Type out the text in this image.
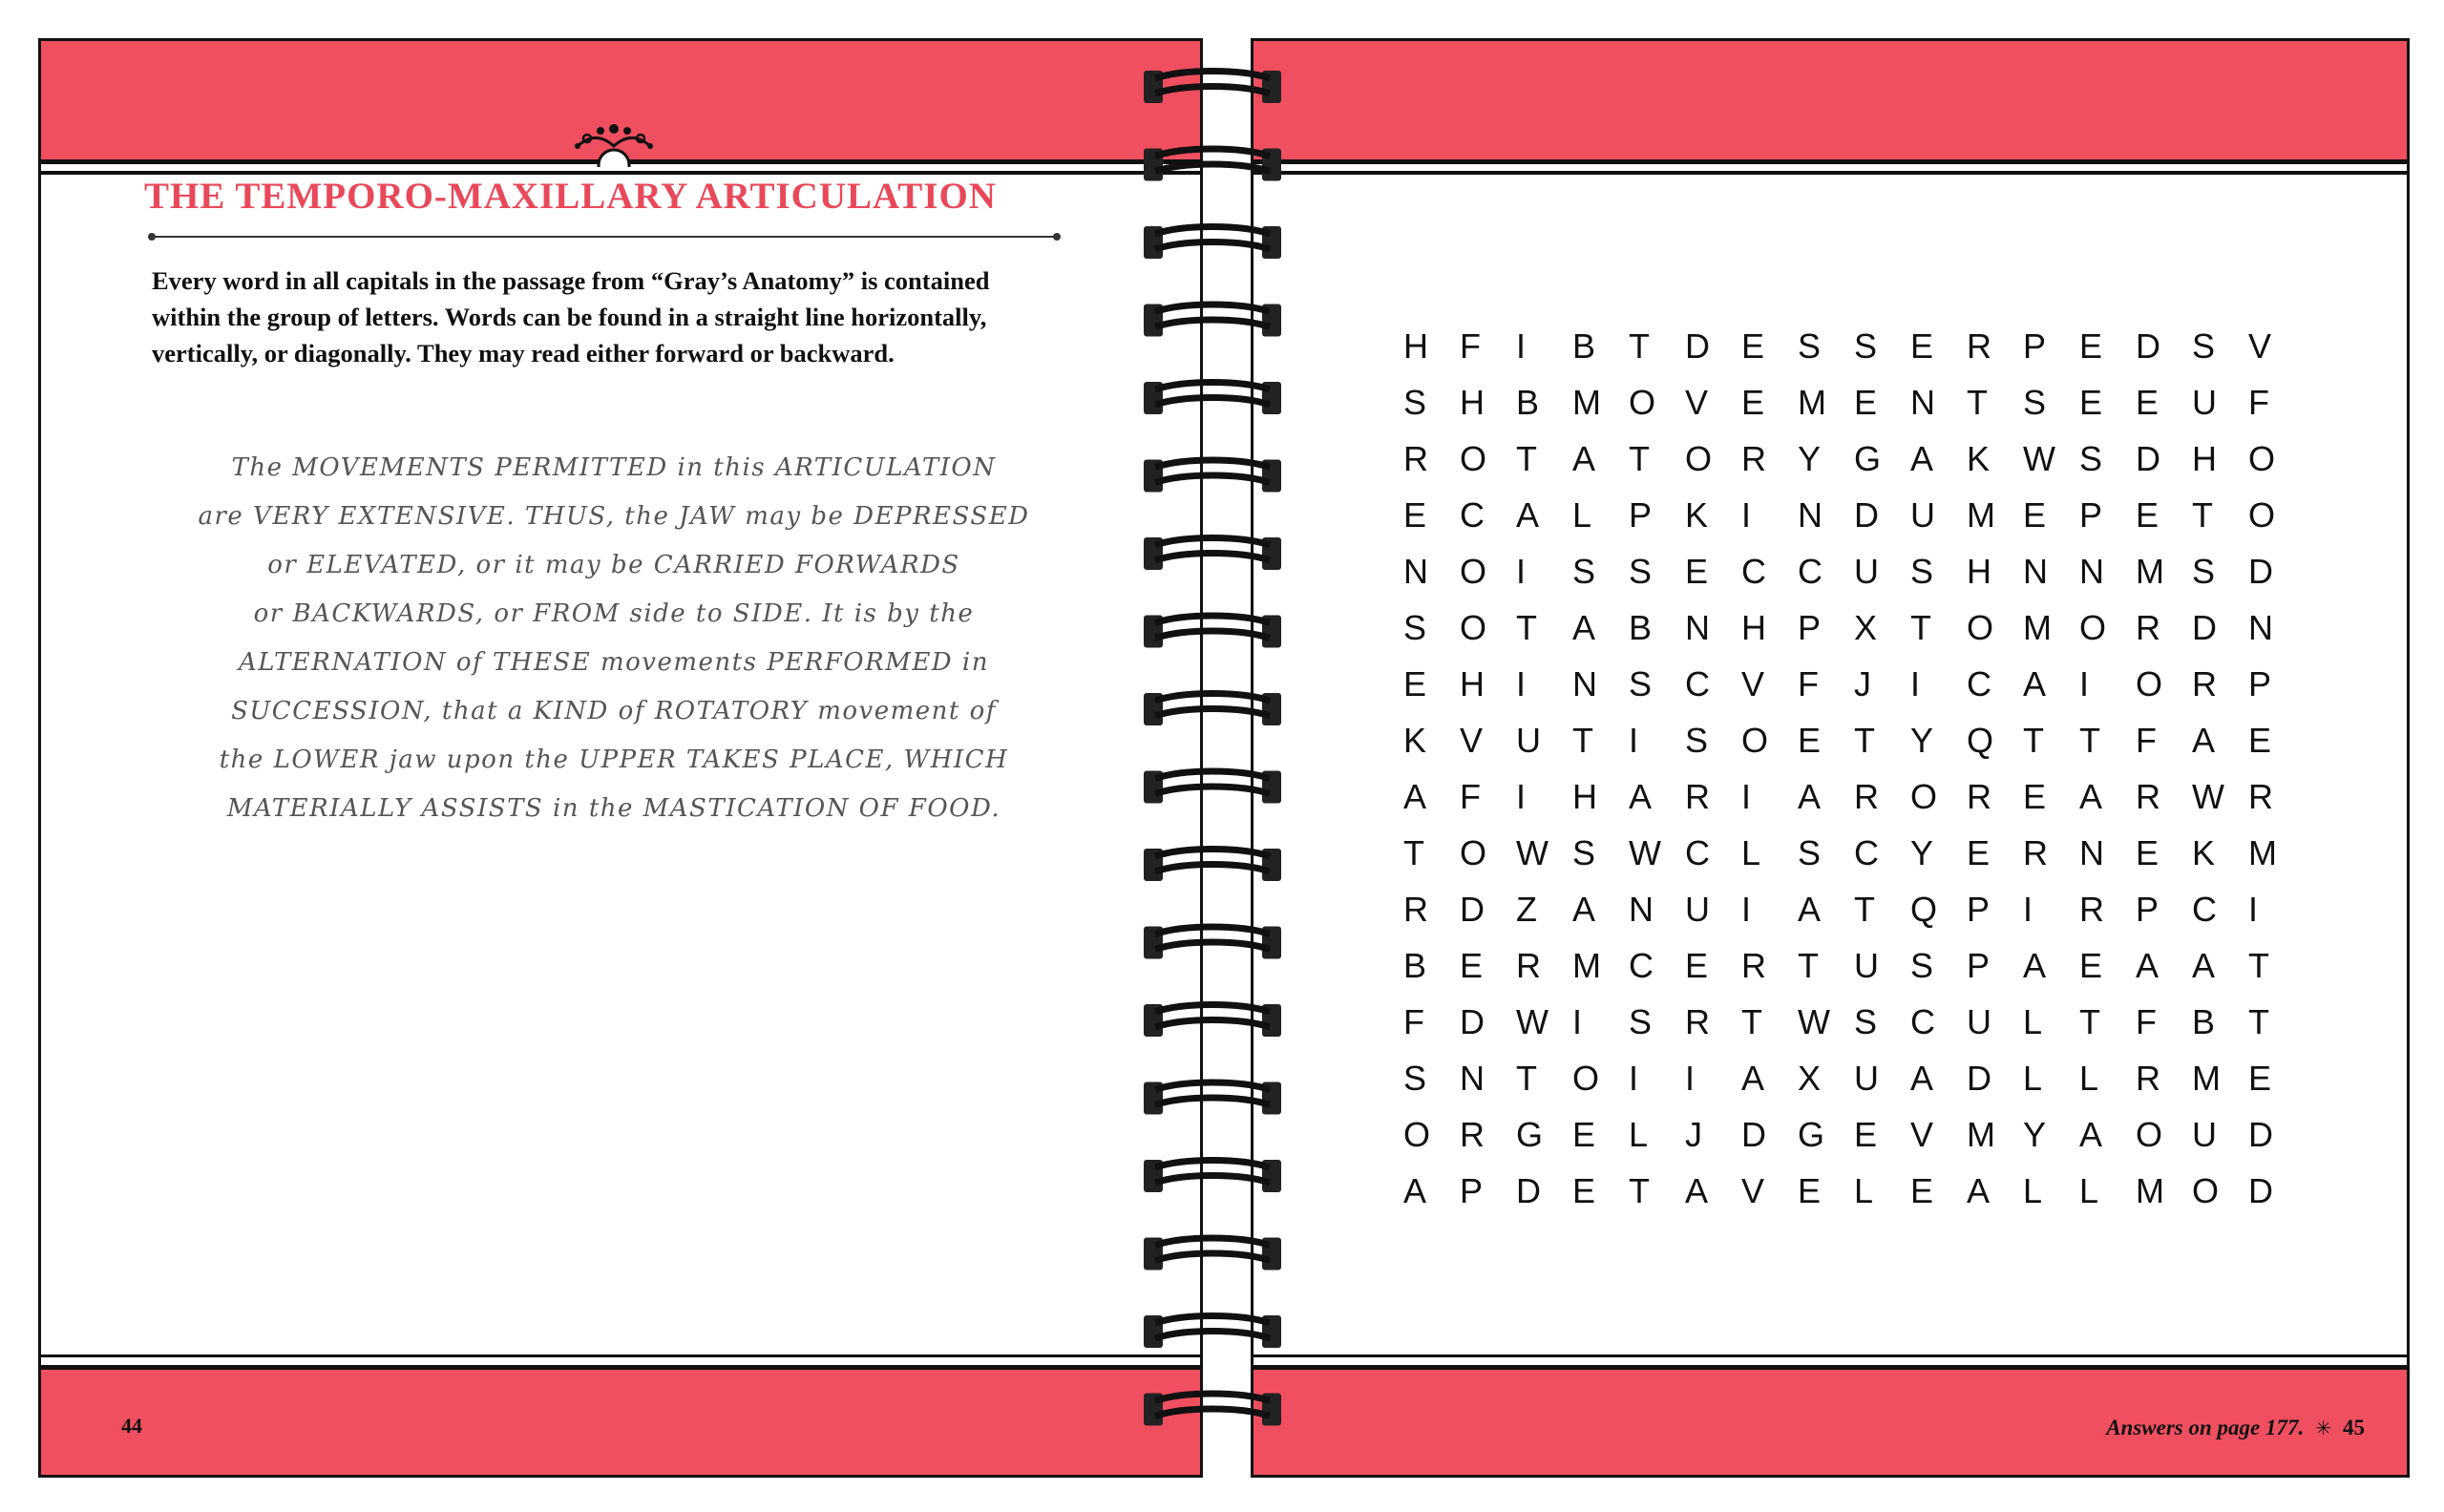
THE TEMPORO-MAXILLARY ARTICULATION
Every word in all capitals in the passage from “Gray’s Anatomy” is contained within the group of letters. Words can be found in a straight line horizontally, vertically, or diagonally. They may read either forward or backward.
The MOVEMENTS PERMITTED in this ARTICULATION
are VERY EXTENSIVE. THUS, the JAW may be DEPRESSED
or ELEVATED, or it may be CARRIED FORWARDS
or BACKWARDS, or FROM side to SIDE. It is by the
ALTERNATION of THESE movements PERFORMED in
SUCCESSION, that a KIND of ROTATORY movement of
the LOWER jaw upon the UPPER TAKES PLACE, WHICH
MATERIALLY ASSISTS in the MASTICATION OF FOOD.
44
H F	I	B T	D E S S E R P E D S V
S H B M O V E M E N T	S E E U F
R O T	A T	O R Y G A K W S D H O
E C A L	P K I	N D U M E P E T	O
N O I	S S E C C U S H N N M S D
S O T	A B N H P X T	O M O R D N
E H I	N S C V F	J	I	C A I	O R P
K V U T	I	S O E T	Y Q T	T	F	A E
A F	I	H A R I	A R O R E A R W R
T	O W S W C L	S C Y E R N E K M
R D Z	A N U I	A T	Q P I	R P C I
B E R M C E R T	U S P A E A A T
F	D W I	S R T	W S C U L	T	F	B T
S N T	O I	I	A X U A D L	L	R M E
O R G E L	J	D G E V M Y A O U D
A P D E T	A V E L	E A L	L	M O D
Answers on page 177. ✳ 45
